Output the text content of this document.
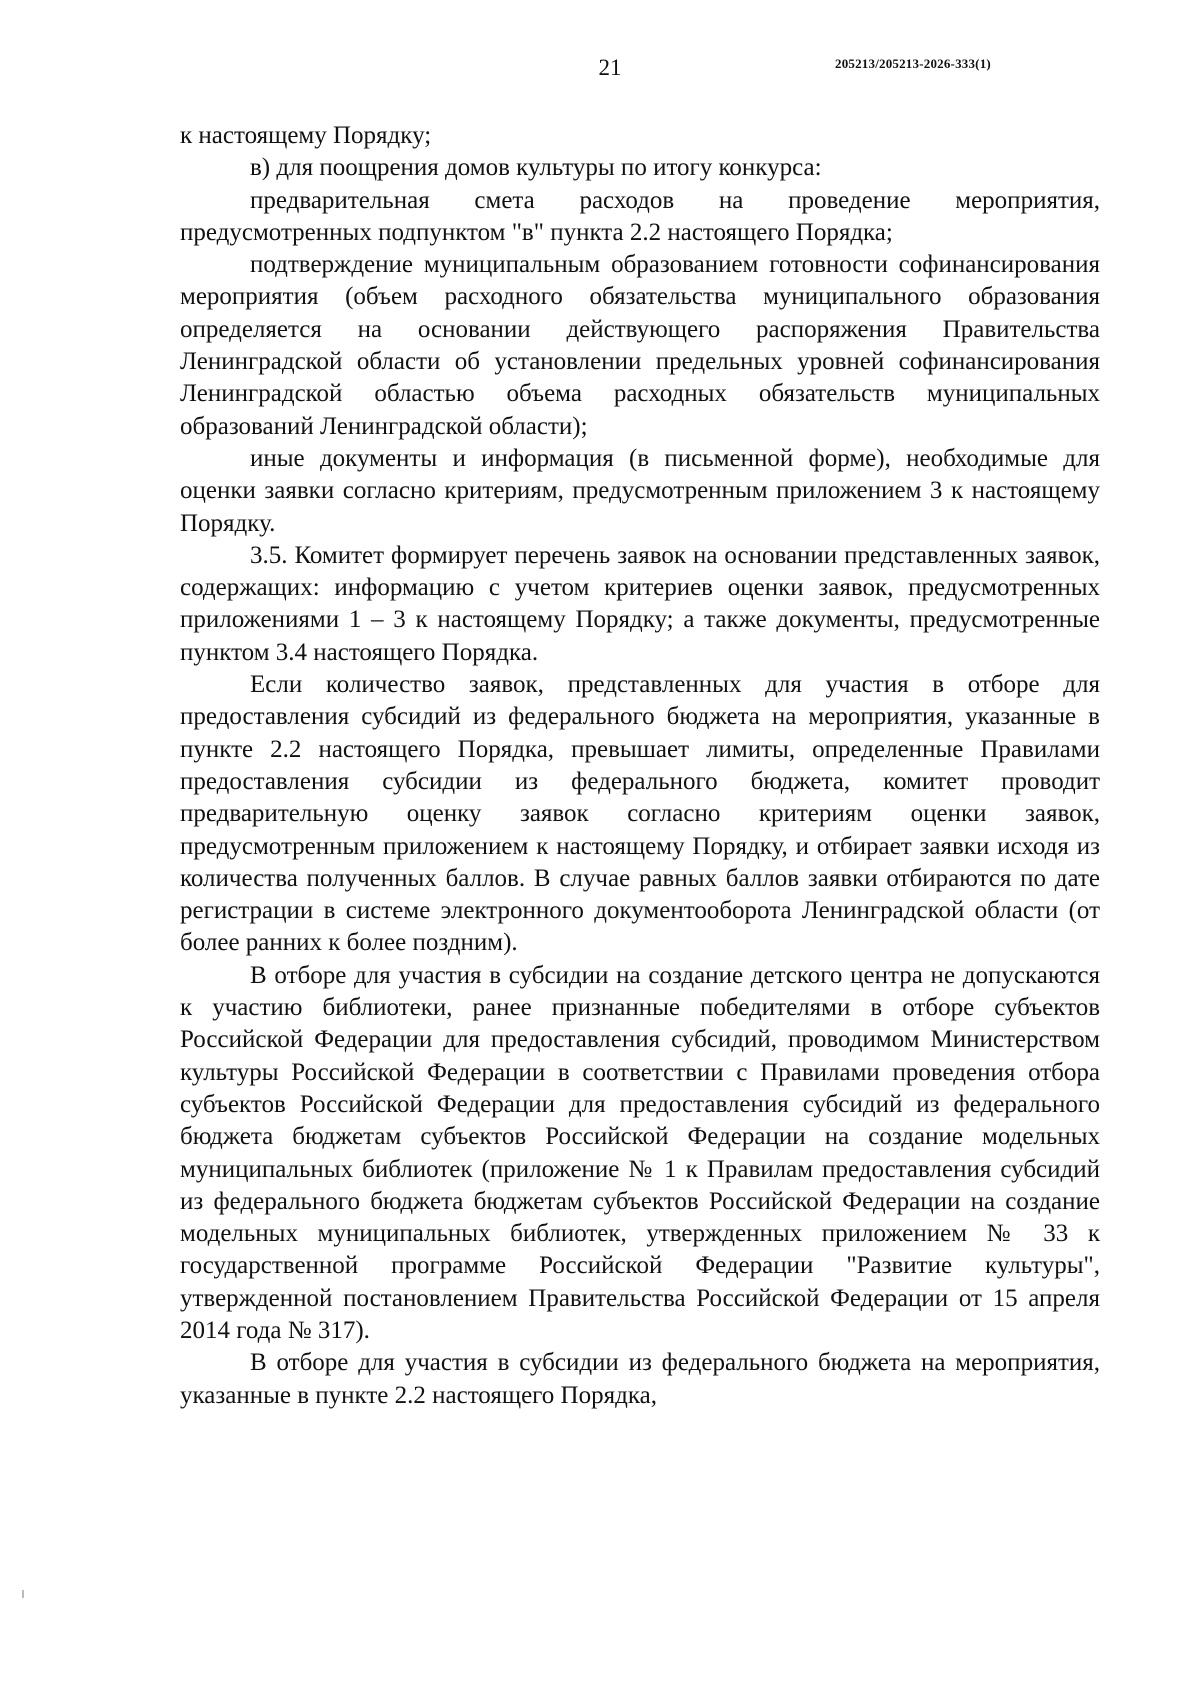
21	205213/205213-2026-333(1)

к настоящему Порядку;

в) для поощрения домов культуры по итогу конкурса:

предварительная смета расходов на проведение мероприятия, предусмотренных подпунктом "в" пункта 2.2 настоящего Порядка;

подтверждение муниципальным образованием готовности софинансирования мероприятия (объем расходного обязательства муниципального образования определяется на основании действующего распоряжения Правительства Ленинградской области об установлении предельных уровней софинансирования Ленинградской областью объема расходных обязательств муниципальных образований Ленинградской области);

иные документы и информация (в письменной форме), необходимые для оценки заявки согласно критериям, предусмотренным приложением 3 к настоящему Порядку.

3.5. Комитет формирует перечень заявок на основании представленных заявок, содержащих: информацию с учетом критериев оценки заявок, предусмотренных приложениями 1 – 3 к настоящему Порядку; а также документы, предусмотренные пунктом 3.4 настоящего Порядка.

Если количество заявок, представленных для участия в отборе для предоставления субсидий из федерального бюджета на мероприятия, указанные в пункте 2.2 настоящего Порядка, превышает лимиты, определенные Правилами предоставления субсидии из федерального бюджета, комитет проводит предварительную оценку заявок согласно критериям оценки заявок, предусмотренным приложением к настоящему Порядку, и отбирает заявки исходя из количества полученных баллов. В случае равных баллов заявки отбираются по дате регистрации в системе электронного документооборота Ленинградской области (от более ранних к более поздним).

В отборе для участия в субсидии на создание детского центра не допускаются к участию библиотеки, ранее признанные победителями в отборе субъектов Российской Федерации для предоставления субсидий, проводимом Министерством культуры Российской Федерации в соответствии с Правилами проведения отбора субъектов Российской Федерации для предоставления субсидий из федерального бюджета бюджетам субъектов Российской Федерации на создание модельных муниципальных библиотек (приложение № 1 к Правилам предоставления субсидий из федерального бюджета бюджетам субъектов Российской Федерации на создание модельных муниципальных библиотек, утвержденных приложением № 33 к государственной программе Российской Федерации "Развитие культуры", утвержденной постановлением Правительства Российской Федерации от 15 апреля 2014 года № 317).

В отборе для участия в субсидии из федерального бюджета на мероприятия, указанные в пункте 2.2 настоящего Порядка,
